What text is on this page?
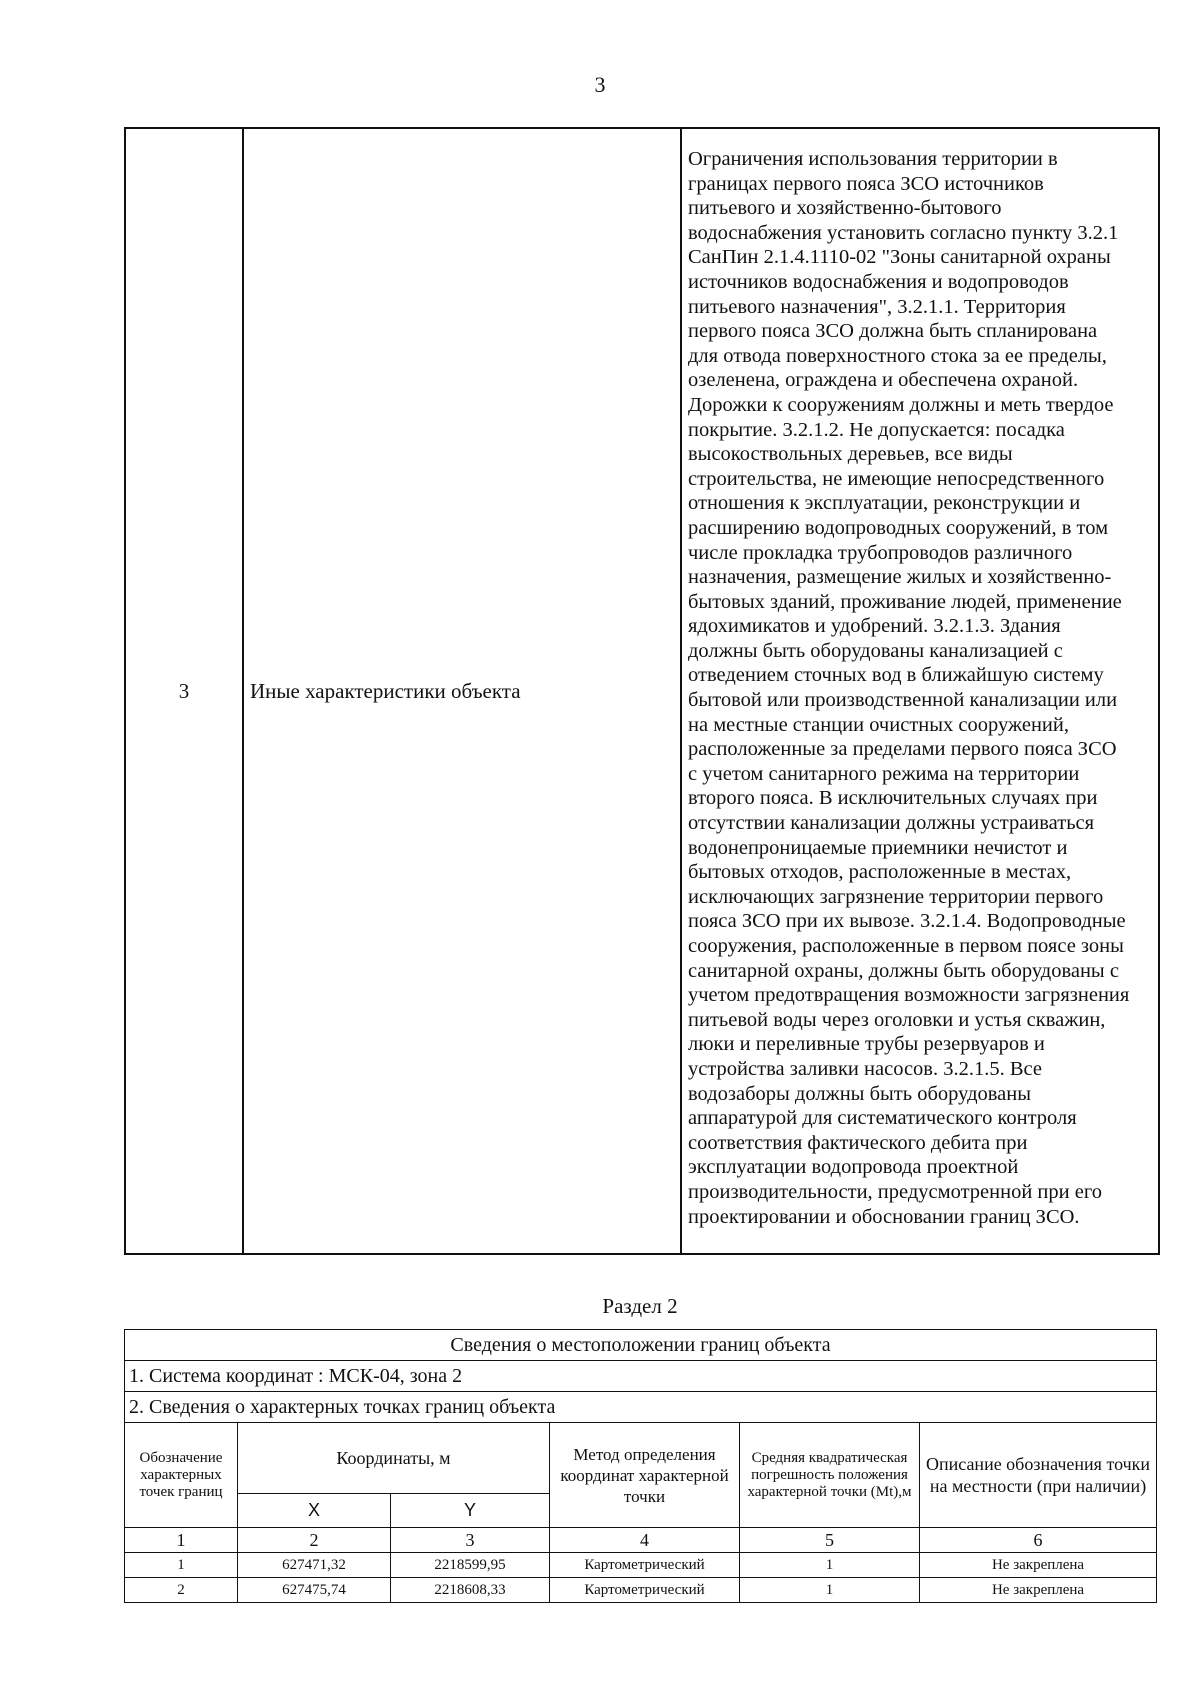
3
3	Иные характеристики объекта	
Ограничения использования территории в
границах первого пояса ЗСО источников
питьевого и хозяйственно-бытового
водоснабжения установить согласно пункту 3.2.1
СанПин 2.1.4.1110-02 "Зоны санитарной охраны
источников водоснабжения и водопроводов
питьевого назначения", 3.2.1.1. Территория
первого пояса ЗСО должна быть спланирована
для отвода поверхностного стока за ее пределы,
озеленена, ограждена и обеспечена охраной.
Дорожки к сооружениям должны и меть твердое
покрытие. 3.2.1.2. Не допускается: посадка
высокоствольных деревьев, все виды
строительства, не имеющие непосредственного
отношения к эксплуатации, реконструкции и
расширению водопроводных сооружений, в том
числе прокладка трубопроводов различного
назначения, размещение жилых и хозяйственно-
бытовых зданий, проживание людей, применение
ядохимикатов и удобрений. 3.2.1.3. Здания
должны быть оборудованы канализацией с
отведением сточных вод в ближайшую систему
бытовой или производственной канализации или
на местные станции очистных сооружений,
расположенные за пределами первого пояса ЗСО
с учетом санитарного режима на территории
второго пояса. В исключительных случаях при
отсутствии канализации должны устраиваться
водонепроницаемые приемники нечистот и
бытовых отходов, расположенные в местах,
исключающих загрязнение территории первого
пояса ЗСО при их вывозе. 3.2.1.4. Водопроводные
сооружения, расположенные в первом поясе зоны
санитарной охраны, должны быть оборудованы с
учетом предотвращения возможности загрязнения
питьевой воды через оголовки и устья скважин,
люки и переливные трубы резервуаров и
устройства заливки насосов. 3.2.1.5. Все
водозаборы должны быть оборудованы
аппаратурой для систематического контроля
соответствия фактического дебита при
эксплуатации водопровода проектной
производительности, предусмотренной при его
проектировании и обосновании границ ЗСО.
Раздел 2
Сведения о местоположении границ объекта					
1. Система координат : МСК-04, зона 2					
2. Сведения о характерных точках границ объекта					
Обозначение характерных точек границ	Координаты, м		Метод определения координат характерной точки	Средняя квадратическая погрешность положения характерной точки (Mt),м	Описание обозначения точки на местности (при наличии)
	X	Y			
1	2	3	4	5	6
1	627471,32	2218599,95	Картометрический	1	Не закреплена
2	627475,74	2218608,33	Картометрический	1	Не закреплена
